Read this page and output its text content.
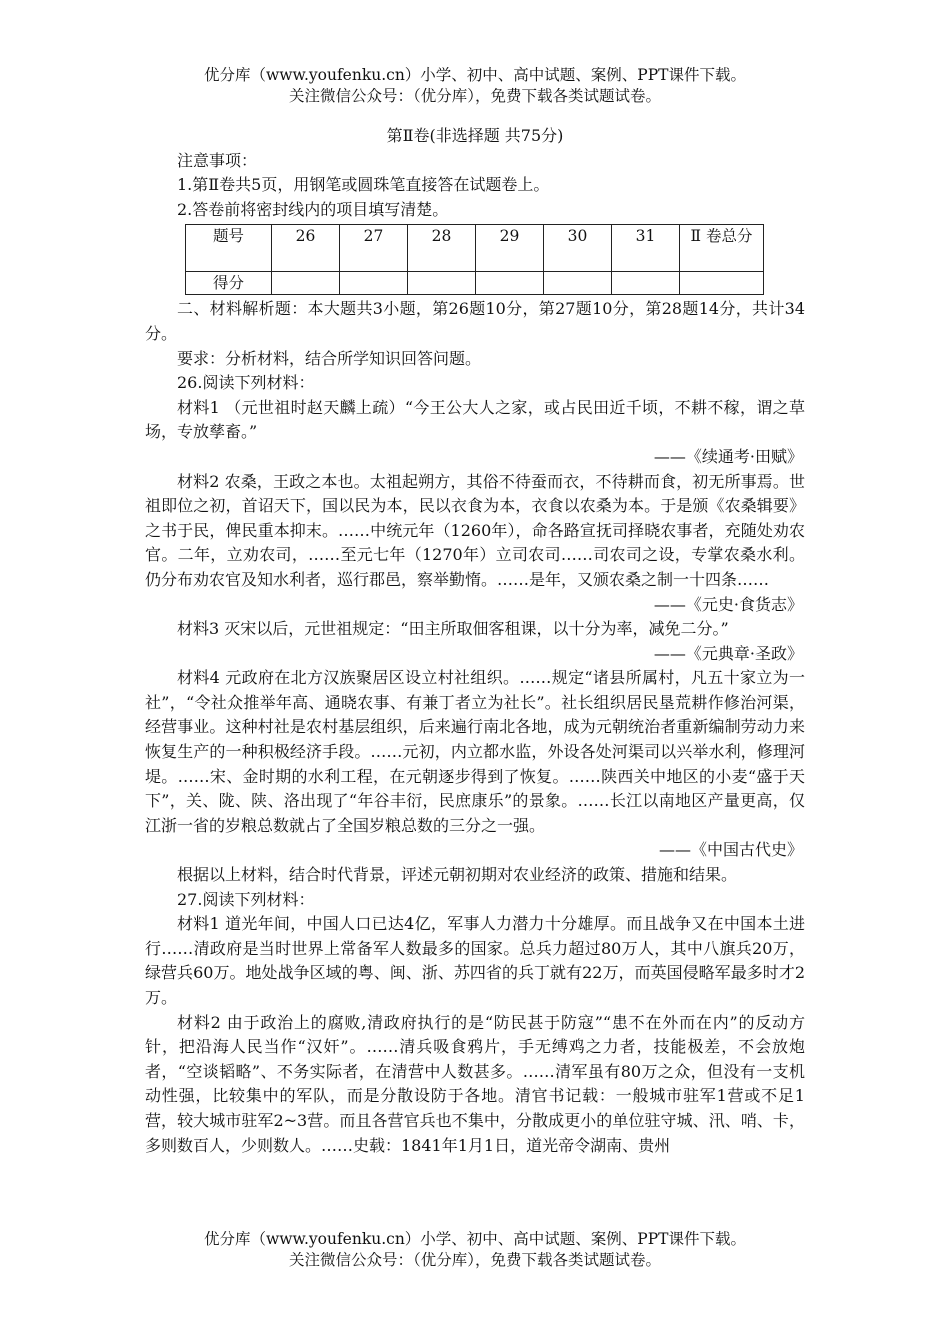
优分库（www.youfenku.cn）小学、初中、高中试题、案例、PPT课件下载。
关注微信公众号：（优分库），免费下载各类试题试卷。

第Ⅱ卷(非选择题 共75分)

注意事项：

1.第Ⅱ卷共5页，用钢笔或圆珠笔直接答在试题卷上。

2.答卷前将密封线内的项目填写清楚。

题号	26	27	28	29	30	31	Ⅱ 卷总分
得分							

二、材料解析题：本大题共3小题，第26题10分，第27题10分，第28题14分，共计34分。

要求：分析材料，结合所学知识回答问题。

26.阅读下列材料：

材料1 （元世祖时赵天麟上疏）“今王公大人之家，或占民田近千顷，不耕不稼，谓之草场，专放孳畜。”

——《续通考·田赋》

材料2 农桑，王政之本也。太祖起朔方，其俗不待蚕而衣，不待耕而食，初无所事焉。世祖即位之初，首诏天下，国以民为本，民以衣食为本，衣食以农桑为本。于是颁《农桑辑要》之书于民，俾民重本抑末。……中统元年（1260年），命各路宣抚司择晓农事者，充随处劝农官。二年，立劝农司，……至元七年（1270年）立司农司……司农司之设，专掌农桑水利。仍分布劝农官及知水利者，巡行郡邑，察举勤惰。……是年，又颁农桑之制一十四条……

——《元史·食货志》

材料3 灭宋以后，元世祖规定：“田主所取佃客租课，以十分为率，减免二分。”

——《元典章·圣政》

材料4 元政府在北方汉族聚居区设立村社组织。……规定“诸县所属村，凡五十家立为一社”，“令社众推举年高、通晓农事、有兼丁者立为社长”。社长组织居民垦荒耕作修治河渠，经营事业。这种村社是农村基层组织，后来遍行南北各地，成为元朝统治者重新编制劳动力来恢复生产的一种积极经济手段。……元初，内立都水监，外设各处河渠司以兴举水利，修理河堤。……宋、金时期的水利工程，在元朝逐步得到了恢复。……陕西关中地区的小麦“盛于天下”，关、陇、陕、洛出现了“年谷丰衍，民庶康乐”的景象。……长江以南地区产量更高，仅江浙一省的岁粮总数就占了全国岁粮总数的三分之一强。

——《中国古代史》

根据以上材料，结合时代背景，评述元朝初期对农业经济的政策、措施和结果。

27.阅读下列材料：

材料1 道光年间，中国人口已达4亿，军事人力潜力十分雄厚。而且战争又在中国本土进行……清政府是当时世界上常备军人数最多的国家。总兵力超过80万人，其中八旗兵20万，绿营兵60万。地处战争区域的粤、闽、浙、苏四省的兵丁就有22万，而英国侵略军最多时才2万。

材料2 由于政治上的腐败,清政府执行的是“防民甚于防寇”“患不在外而在内”的反动方针，把沿海人民当作“汉奸”。……清兵吸食鸦片，手无缚鸡之力者，技能极差，不会放炮者，“空谈韬略”、不务实际者，在清营中人数甚多。……清军虽有80万之众，但没有一支机动性强，比较集中的军队，而是分散设防于各地。清官书记载：一般城市驻军1营或不足1营，较大城市驻军2~3营。而且各营官兵也不集中，分散成更小的单位驻守城、汛、哨、卡，多则数百人，少则数人。……史载：1841年1月1日，道光帝令湖南、贵州

优分库（www.youfenku.cn）小学、初中、高中试题、案例、PPT课件下载。
关注微信公众号：（优分库），免费下载各类试题试卷。
